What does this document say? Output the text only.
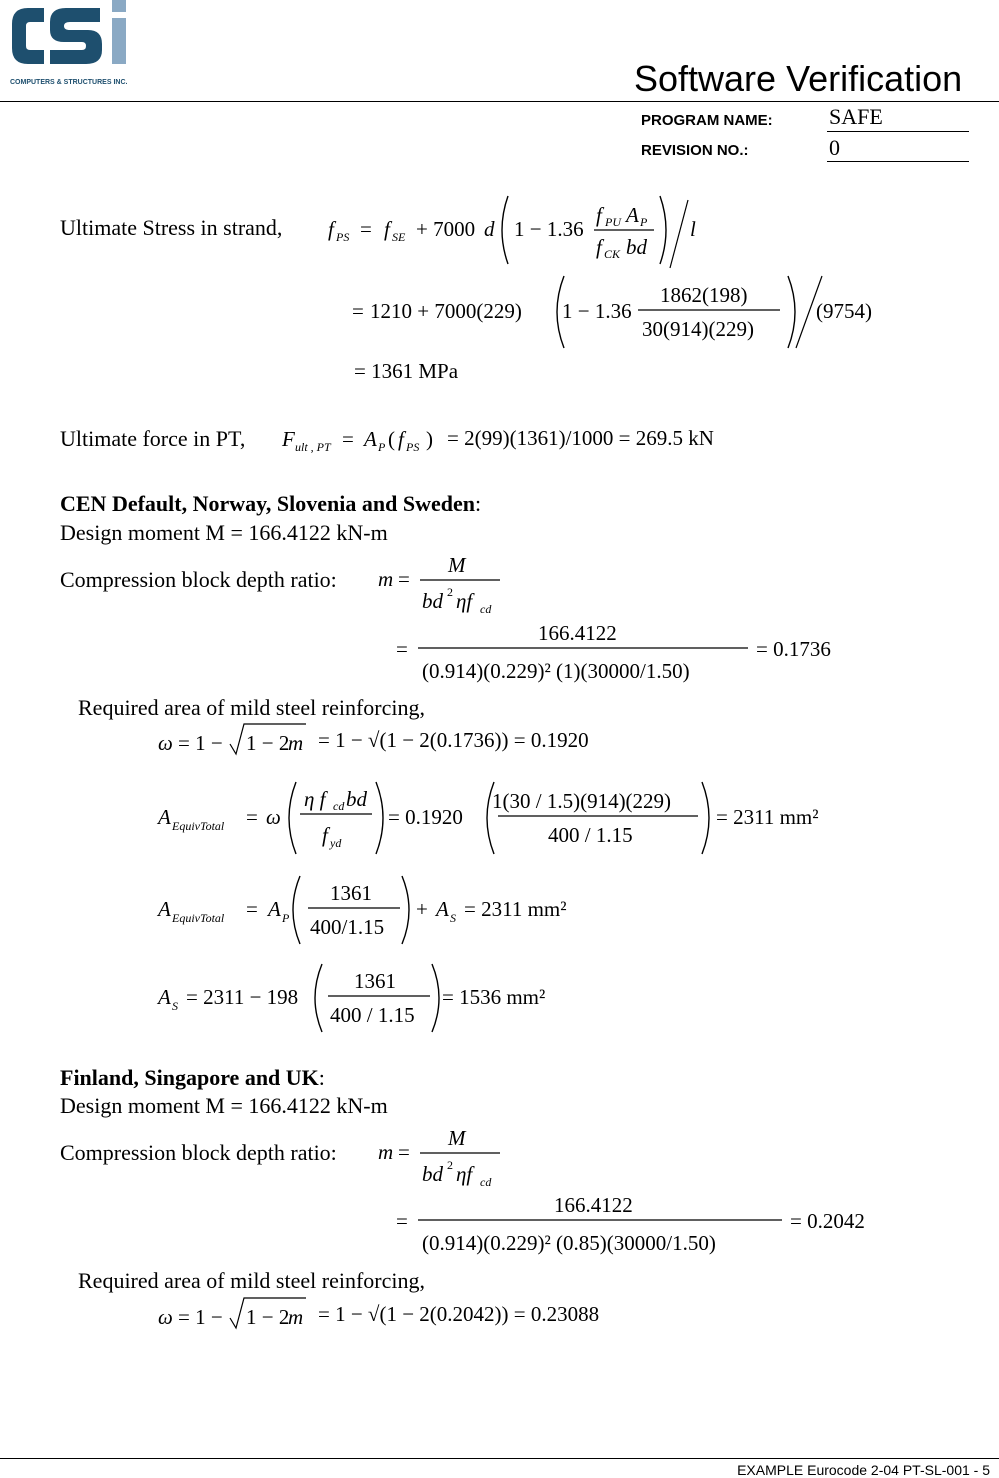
COMPUTERS & STRUCTURES INC.	Software Verification
PROGRAM NAME:	SAFE
REVISION NO.:	0
Ultimate Stress in strand, f PS = f SE + 7000 d 1 − 1.36
f PU A P
f CK bd
l
= 1210 + 7000(229) 1 − 1.36
1862(198)
30(914)(229)
(9754)
= 1361 MPa
Ultimate force in PT, F ult , PT = A P ( f PS ) = 2(99)(1361)/1000 = 269.5 kN
CEN Default, Norway, Slovenia and Sweden:
Design moment M = 166.4122 kN-m
Compression block depth ratio: m =
M
bd 2 ηf cd
=
166.4122
(0.914)(0.229)² (1)(30000/1.50)
= 0.1736
Required area of mild steel reinforcing,
ω = 1 − 1 − 2
m = 1 − √(1 − 2(0.1736)) = 0.1920
A EquivTotal = ω
η f cd bd
f yd
= 0.1920
1(30 / 1.5)(914)(229)
400 / 1.15
= 2311 mm²
A EquivTotal = A P
1361
400/1.15
+ A S = 2311 mm²
A S = 2311 − 198
1361
400 / 1.15
= 1536 mm²
Finland, Singapore and UK:
Design moment M = 166.4122 kN-m
Compression block depth ratio: m =
M
bd 2 ηf cd
=
166.4122
(0.914)(0.229)² (0.85)(30000/1.50)
= 0.2042
Required area of mild steel reinforcing,
ω = 1 − 1 − 2
m = 1 − √(1 − 2(0.2042)) = 0.23088
EXAMPLE Eurocode 2-04 PT-SL-001 - 5
